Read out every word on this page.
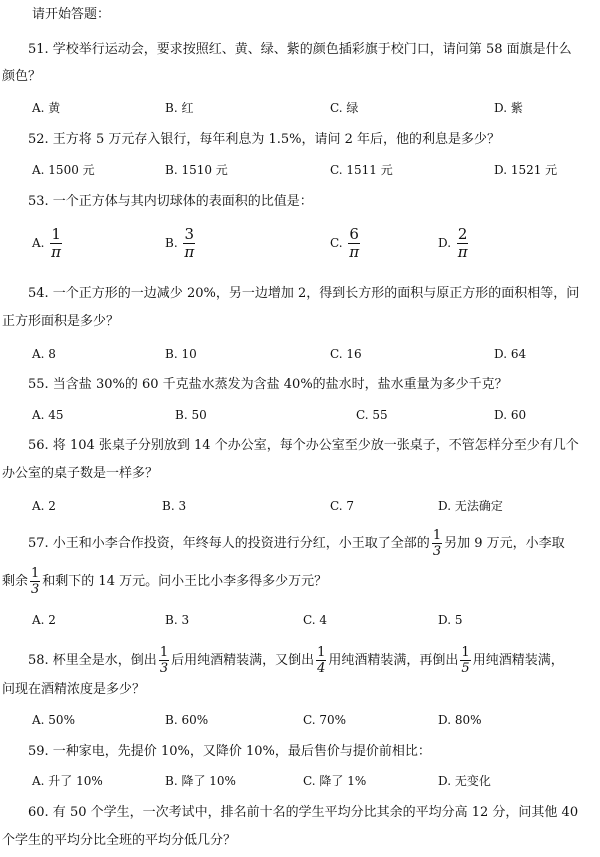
请开始答题：
51. 学校举行运动会，要求按照红、黄、绿、紫的颜色插彩旗于校门口，请问第 58 面旗是什么
颜色？
A. 黄	B. 红	C. 绿	D. 紫
52. 王方将 5 万元存入银行，每年利息为 1.5%，请问 2 年后，他的利息是多少？
A. 1500 元	B. 1510 元	C. 1511 元	D. 1521 元
53. 一个正方体与其内切球体的表面积的比值是：
A. $\frac{1}{\pi}$	B. $\frac{3}{\pi}$	C. $\frac{6}{\pi}$	D. $\frac{2}{\pi}$
54. 一个正方形的一边减少 20%，另一边增加 2，得到长方形的面积与原正方形的面积相等，问
正方形面积是多少？
A. 8	B. 10	C. 16	D. 64
55. 当含盐 30%的 60 千克盐水蒸发为含盐 40%的盐水时，盐水重量为多少千克？
A. 45	B. 50	C. 55	D. 60
56. 将 104 张桌子分别放到 14 个办公室，每个办公室至少放一张桌子，不管怎样分至少有几个
办公室的桌子数是一样多？
A. 2	B. 3	C. 7	D. 无法确定
57. 小王和小李合作投资，年终每人的投资进行分红，小王取了全部的 $\frac{1}{3}$ 另加 9 万元，小李取
剩余 $\frac{1}{3}$ 和剩下的 14 万元。问小王比小李多得多少万元？
A. 2	B. 3	C. 4	D. 5
58. 杯里全是水，倒出 $\frac{1}{3}$ 后用纯酒精装满，又倒出 $\frac{1}{4}$ 用纯酒精装满，再倒出 $\frac{1}{5}$ 用纯酒精装满，
问现在酒精浓度是多少？
A. 50%	B. 60%	C. 70%	D. 80%
59. 一种家电，先提价 10%，又降价 10%，最后售价与提价前相比：
A. 升了 10%	B. 降了 10%	C. 降了 1%	D. 无变化
60. 有 50 个学生，一次考试中，排名前十名的学生平均分比其余的平均分高 12 分，问其他 40
个学生的平均分比全班的平均分低几分？
